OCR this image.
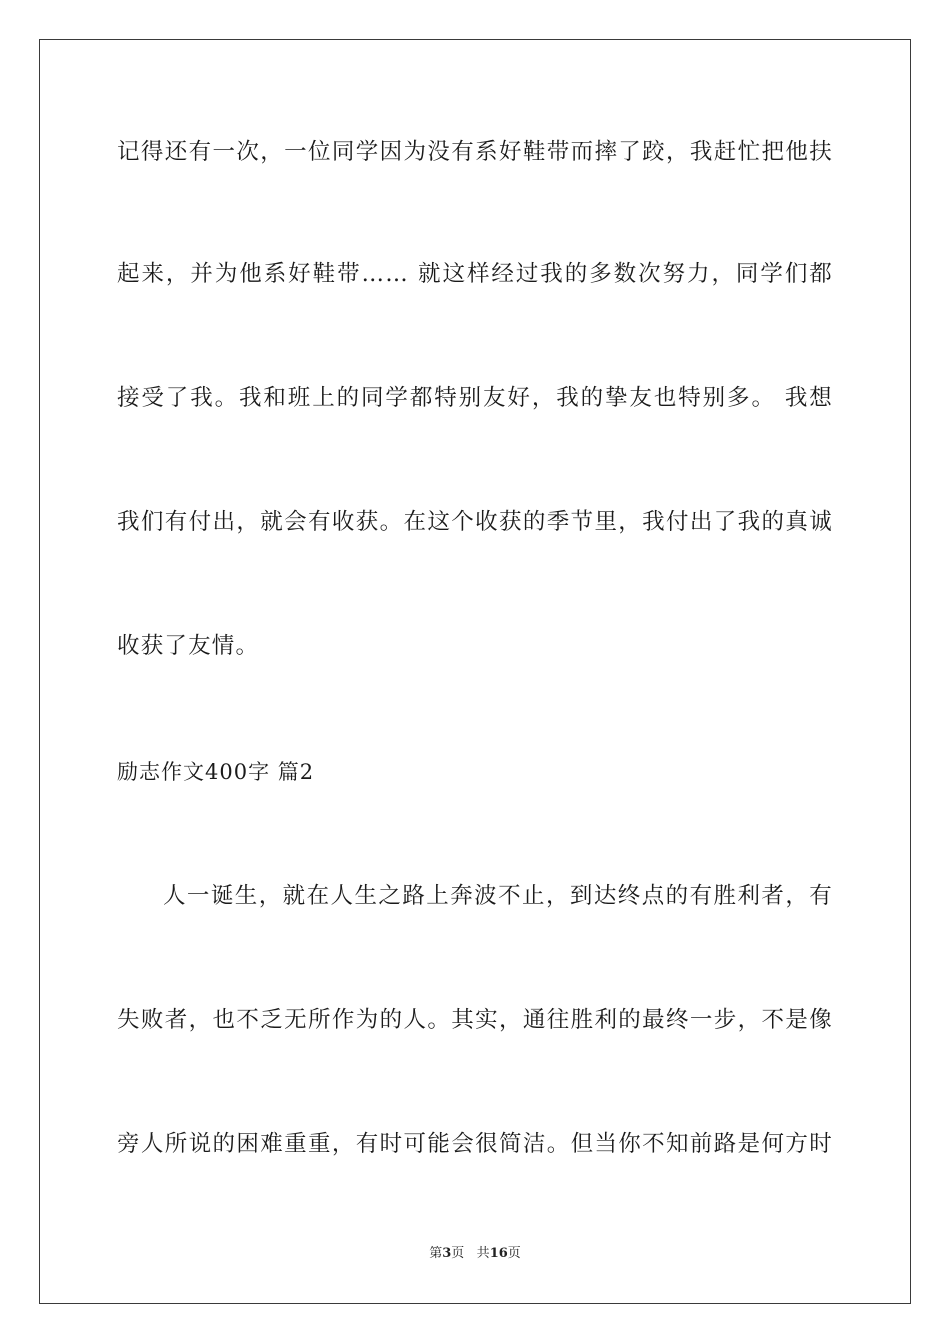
记得还有一次，一位同学因为没有系好鞋带而摔了跤，我赶忙把他扶
起来，并为他系好鞋带…… 就这样经过我的多数次努力，同学们都
接受了我。我和班上的同学都特别友好，我的挚友也特别多。 我想
我们有付出，就会有收获。在这个收获的季节里，我付出了我的真诚
收获了友情。
励志作文400字 篇2
人一诞生，就在人生之路上奔波不止，到达终点的有胜利者，有
失败者，也不乏无所作为的人。其实，通往胜利的最终一步，不是像
旁人所说的困难重重，有时可能会很简洁。但当你不知前路是何方时
第3页 共16页
